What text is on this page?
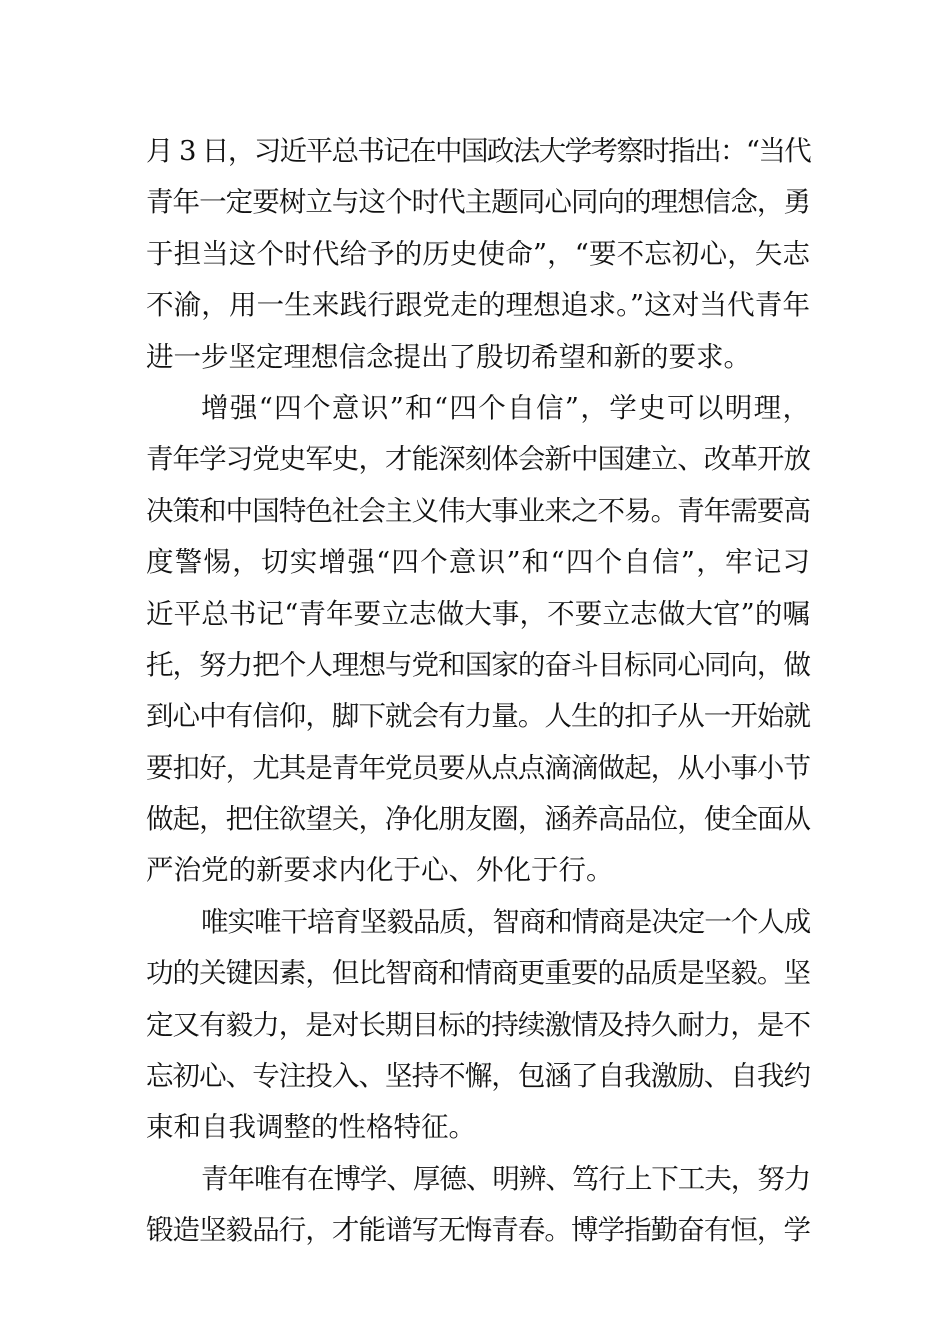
月 3 日，习近平总书记在中国政法大学考察时指出：“当代
青年一定要树立与这个时代主题同心同向的理想信念，勇
于担当这个时代给予的历史使命”，“要不忘初心，矢志
不渝，用一生来践行跟党走的理想追求。”这对当代青年
进一步坚定理想信念提出了殷切希望和新的要求。
增强“四个意识”和“四个自信”，学史可以明理，
青年学习党史军史，才能深刻体会新中国建立、改革开放
决策和中国特色社会主义伟大事业来之不易。青年需要高
度警惕，切实增强“四个意识”和“四个自信”，牢记习
近平总书记“青年要立志做大事，不要立志做大官”的嘱
托，努力把个人理想与党和国家的奋斗目标同心同向，做
到心中有信仰，脚下就会有力量。人生的扣子从一开始就
要扣好，尤其是青年党员要从点点滴滴做起，从小事小节
做起，把住欲望关，净化朋友圈，涵养高品位，使全面从
严治党的新要求内化于心、外化于行。
唯实唯干培育坚毅品质，智商和情商是决定一个人成
功的关键因素，但比智商和情商更重要的品质是坚毅。坚
定又有毅力，是对长期目标的持续激情及持久耐力，是不
忘初心、专注投入、坚持不懈，包涵了自我激励、自我约
束和自我调整的性格特征。
青年唯有在博学、厚德、明辨、笃行上下工夫，努力
锻造坚毅品行，才能谱写无悔青春。博学指勤奋有恒，学
